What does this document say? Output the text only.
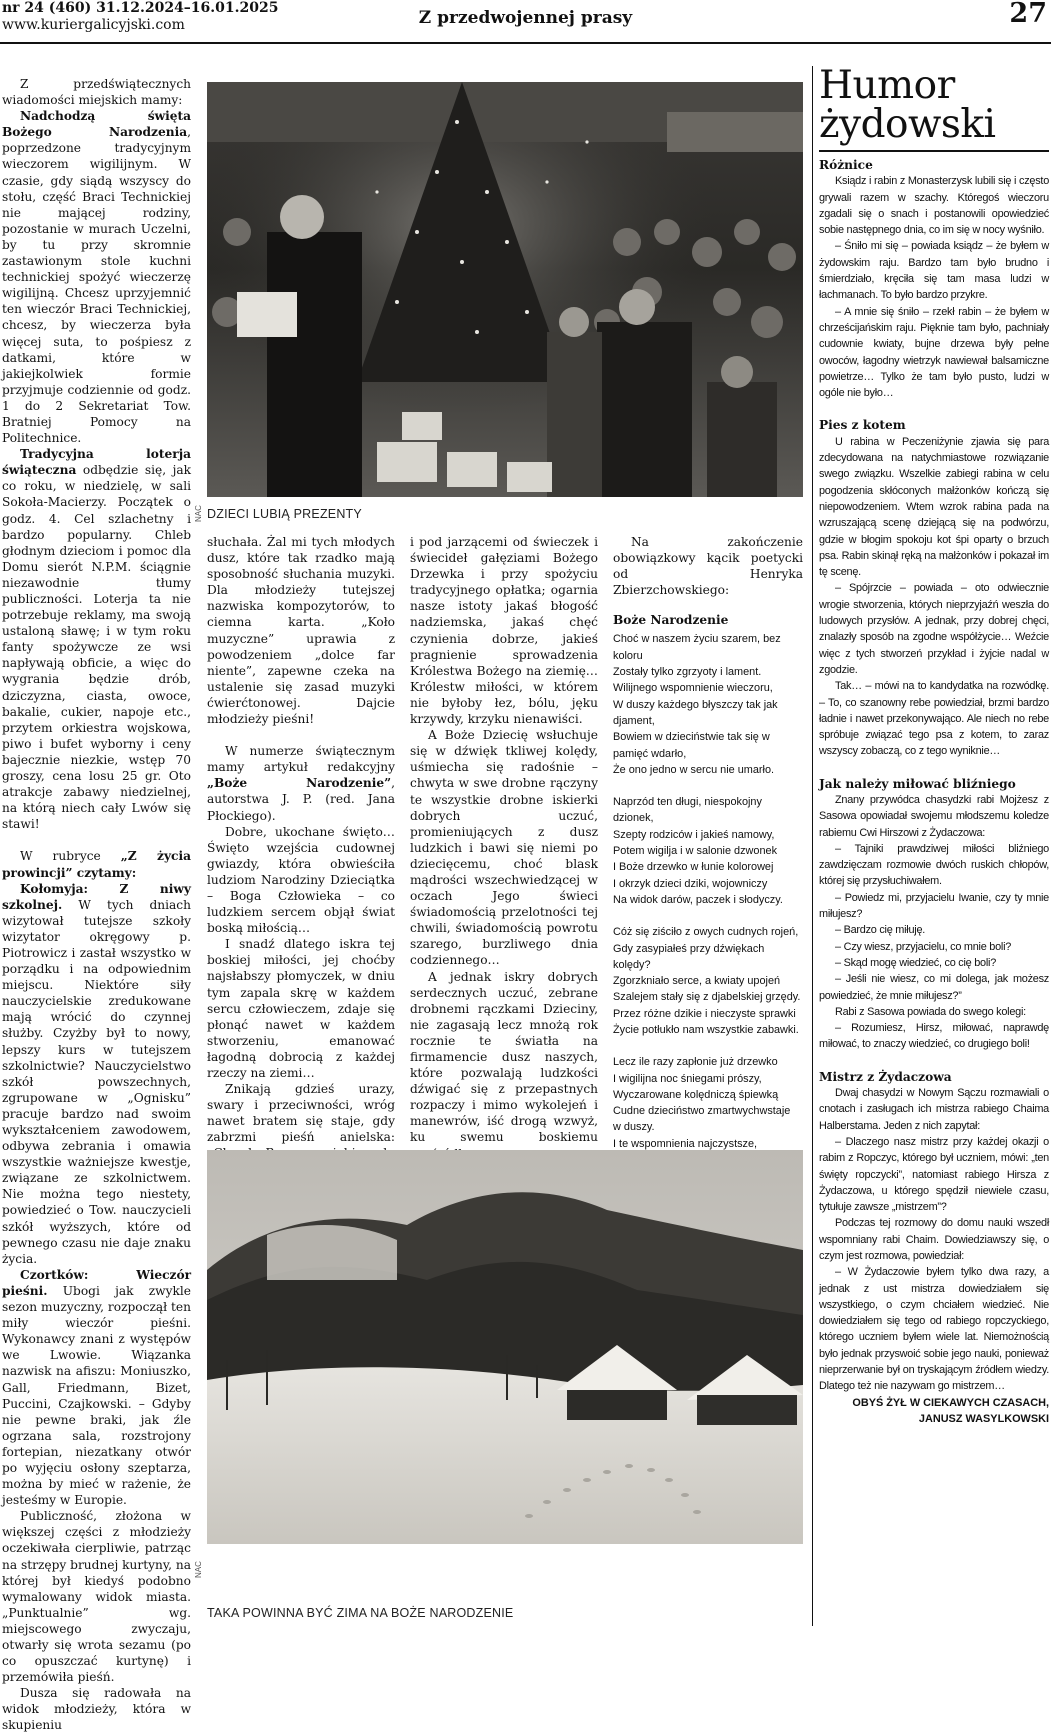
nr 24 (460) 31.12.2024–16.01.2025
www.kuriergalicyjski.com	Z przedwojennej prasy	27
Z przedświątecznych wiadomości miejskich mamy:
Nadchodzą święta Bożego Narodzenia, poprzedzone tradycyjnym wieczorem wigilijnym. W czasie, gdy siądą wszyscy do stołu, część Braci Technickiej nie mającej rodziny, pozostanie w murach Uczelni, by tu przy skromnie zastawionym stole kuchni technickiej spożyć wieczerzę wigilijną. Chcesz uprzyjemnić ten wieczór Braci Technickiej, chcesz, by wieczerza była więcej suta, to pośpiesz z datkami, które w jakiejkolwiek formie przyjmuje codziennie od godz. 1 do 2 Sekretariat Tow. Bratniej Pomocy na Politechnice.
Tradycyjna loterja świąteczna odbędzie się, jak co roku, w niedzielę, w sali Sokoła-Macierzy. Początek o godz. 4. Cel szlachetny i bardzo popularny. Chleb głodnym dzieciom i pomoc dla Domu sierót N.P.M. ściągnie niezawodnie tłumy publiczności. Loterja ta nie potrzebuje reklamy, ma swoją ustaloną sławę; i w tym roku fanty spożywcze ze wsi napływają obficie, a więc do wygrania będzie drób, dziczyzna, ciasta, owoce, bakalie, cukier, napoje etc., przytem orkiestra wojskowa, piwo i bufet wyborny i ceny bajecznie niezkie, wstęp 70 groszy, cena losu 25 gr. Oto atrakcje zabawy niedzielnej, na którą niech cały Lwów się stawi!
W rubryce „Z życia prowincji” czytamy:
Kołomyja: Z niwy szkolnej. W tych dniach wizytował tutejsze szkoły wizytator okręgowy p. Piotrowicz i zastał wszystko w porządku i na odpowiednim miejscu. Niektóre siły nauczycielskie zredukowane mają wrócić do czynnej służby. Czyżby był to nowy, lepszy kurs w tutejszem szkolnictwie? Nauczycielstwo szkół powszechnych, zgrupowane w „Ognisku” pracuje bardzo nad swoim wykształceniem zawodowem, odbywa zebrania i omawia wszystkie ważniejsze kwestje, związane ze szkolnictwem. Nie można tego niestety, powiedzieć o Tow. nauczycieli szkół wyższych, które od pewnego czasu nie daje znaku życia.
Czortków: Wieczór pieśni. Ubogi jak zwykle sezon muzyczny, rozpoczął ten miły wieczór pieśni. Wykonawcy znani z występów we Lwowie. Wiązanka nazwisk na afiszu: Moniuszko, Gall, Friedmann, Bizet, Puccini, Czajkowski. – Gdyby nie pewne braki, jak źle ogrzana sala, rozstrojony fortepian, niezatkany otwór po wyjęciu osłony szeptarza, można by mieć w rażenie, że jesteśmy w Europie.
Publiczność, złożona w większej części z młodzieży oczekiwała cierpliwie, patrząc na strzępy brudnej kurtyny, na której był kiedyś podobno wymalowany widok miasta. „Punktualnie” wg. miejscowego zwyczaju, otwarły się wrota sezamu (po co opuszczać kurtynę) i przemówiła pieśń.
Dusza się radowała na widok młodzieży, która w skupieniu
NAC DZIECI LUBIĄ PREZENTY
słuchała. Żal mi tych młodych dusz, które tak rzadko mają sposobność słuchania muzyki. Dla młodzieży tutejszej nazwiska kompozytorów, to ciemna karta. „Koło muzyczne” uprawia z powodzeniem „dolce far niente”, zapewne czeka na ustalenie się zasad muzyki ćwierćtonowej. Dajcie młodzieży pieśni!
W numerze świątecznym mamy artykuł redakcyjny „Boże Narodzenie”, autorstwa J. P. (red. Jana Płockiego).
Dobre, ukochane święto… Święto wzejścia cudownej gwiazdy, która obwieściła ludziom Narodziny Dzieciątka – Boga Człowieka – co ludzkiem sercem objął świat boską miłością…
I snadź dlatego iskra tej boskiej miłości, jej choćby najsłabszy płomyczek, w dniu tym zapala skrę w każdem sercu człowieczem, zdaje się płonąć nawet w każdem stworzeniu, emanować łagodną dobrocią z każdej rzeczy na ziemi…
Znikają gdzieś urazy, swary i przeciwności, wróg nawet bratem się staje, gdy zabrzmi pieśń anielska:
i pod jarzącemi od świeczek i świecideł gałęziami Bożego Drzewka i przy spożyciu tradycyjnego opłatka; ogarnia nasze istoty jakaś błogość nadziemska, jakaś chęć czynienia dobrze, jakieś pragnienie sprowadzenia Królestwa Bożego na ziemię… Królestw miłości, w którem nie byłoby łez, bólu, jęku krzywdy, krzyku nienawiści.
A Boże Dziecię wsłuchuje się w dźwięk tkliwej kolędy, uśmiecha się radośnie – chwyta w swe drobne rączyny te wszystkie drobne iskierki dobrych uczuć, promieniujących z dusz ludzkich i bawi się niemi po dziecięcemu, choć blask mądrości wszechwiedzącej w oczach Jego świeci świadomością przelotności tej chwili, świadomością powrotu szarego, burzliwego dnia codziennego…
A jednak iskry dobrych serdecznych uczuć, zebrane drobnemi rączkami Dzieciny, nie zagasają lecz mnożą rok rocznie te światła na firmamencie dusz naszych, które pozwalają ludzkości dźwigać się z przepastnych rozpaczy i mimo wykolejeń i manewrów, iść drogą wzwyż, ku swemu boskiemu
Na zakończenie obowiązkowy kącik poetycki od Henryka Zbierzchowskiego:
Boże Narodzenie
Choć w naszem życiu szarem, bez koloru
Zostały tylko zgrzyoty i lament.
Wilijnego wspomnienie wieczoru,
W duszy każdego błyszczy tak jak djament,
Bowiem w dzieciństwie tak się w pamięć wdarło,
Że ono jedno w sercu nie umarło.
Naprzód ten długi, niespokojny dzionek,
Szepty rodziców i jakieś namowy,
Potem wigilja i w salonie dzwonek
I Boże drzewko w łunie kolorowej
I okrzyk dzieci dziki, wojowniczy
Na widok darów, paczek i słodyczy.
Cóż się ziściło z owych cudnych rojeń,
Gdy zasypiałeś przy dźwiękach kolędy?
Zgorzkniało serce, a kwiaty upojeń
Szalejem stały się z djabelskiej grzędy.
Przez różne dzikie i nieczyste sprawki
Życie potłukło nam wszystkie zabawki.
Lecz ile razy zapłonie już drzewko
I wigilijna noc śniegami prószy,
Wyczarowane kolędniczą śpiewką
Cudne dzieciństwo zmartwychwstaje
w duszy.
I te wspomnienia najczystsze,
NAC
TAKA POWINNA BYĆ ZIMA NA BOŻE NARODZENIE
Humor
żydowski
Różnice
Ksiądz i rabin z Monasterzysk lubili się i często grywali razem w szachy. Któregoś wieczoru zgadali się o snach i postanowili opowiedzieć sobie następnego dnia, co im się w nocy wyśniło.
– Śniło mi się – powiada ksiądz – że byłem w żydowskim raju. Bardzo tam było brudno i śmierdziało, kręciła się tam masa ludzi w łachmanach. To było bardzo przykre.
– A mnie się śniło – rzekł rabin – że byłem w chrześcijańskim raju. Pięknie tam było, pachniały cudownie kwiaty, bujne drzewa były pełne owoców, łagodny wietrzyk nawiewał balsamiczne powietrze… Tylko że tam było pusto, ludzi w ogóle nie było…
Pies z kotem
U rabina w Peczeniżynie zjawia się para zdecydowana na natychmiastowe rozwiązanie swego związku. Wszelkie zabiegi rabina w celu pogodzenia skłóconych małżonków kończą się niepowodzeniem. Wtem wzrok rabina pada na wzruszającą scenę dziejącą się na podwórzu, gdzie w błogim spokoju kot śpi oparty o brzuch psa. Rabin skinął ręką na małżonków i pokazał im tę scenę.
– Spójrzcie – powiada – oto odwiecznie wrogie stworzenia, których nieprzyjaźń weszła do ludowych przysłów. A jednak, przy dobrej chęci, znalazły sposób na zgodne współżycie… Weźcie więc z tych stworzeń przykład i żyjcie nadal w zgodzie.
Tak… – mówi na to kandydatka na rozwódkę. – To, co szanowny rebe powiedział, brzmi bardzo ładnie i nawet przekonywająco. Ale niech no rebe spróbuje związać tego psa z kotem, to zaraz wszyscy zobaczą, co z tego wyniknie…
Jak należy miłować bliźniego
Znany przywódca chasydzki rabi Mojżesz z Sasowa opowiadał swojemu młodszemu koledze rabiemu Cwi Hirszowi z Żydaczowa:
– Tajniki prawdziwej miłości bliźniego zawdzięczam rozmowie dwóch ruskich chłopów, której się przysłuchiwałem.
– Powiedz mi, przyjacielu Iwanie, czy ty mnie miłujesz?
– Bardzo cię miłuję.
– Czy wiesz, przyjacielu, co mnie boli?
– Skąd mogę wiedzieć, co cię boli?
– Jeśli nie wiesz, co mi dolega, jak możesz powiedzieć, że mnie miłujesz?”
Rabi z Sasowa powiada do swego kolegi:
– Rozumiesz, Hirsz, miłować, naprawdę miłować, to znaczy wiedzieć, co drugiego boli!
Mistrz z Żydaczowa
Dwaj chasydzi w Nowym Sączu rozmawiali o cnotach i zasługach ich mistrza rabiego Chaima Halberstama. Jeden z nich zapytał:
– Dlaczego nasz mistrz przy każdej okazji o rabim z Ropczyc, którego był uczniem, mówi: „ten święty ropczycki”, natomiast rabiego Hirsza z Żydaczowa, u którego spędził niewiele czasu, tytułuje zawsze „mistrzem”?
Podczas tej rozmowy do domu nauki wszedł wspomniany rabi Chaim. Dowiedziawszy się, o czym jest rozmowa, powiedział:
– W Żydaczowie byłem tylko dwa razy, a jednak z ust mistrza dowiedziałem się wszystkiego, o czym chciałem wiedzieć. Nie dowiedziałem się tego od rabiego ropczyckiego, którego uczniem byłem wiele lat. Niemożnością było jednak przyswoić sobie jego nauki, ponieważ nieprzerwanie był on tryskającym źródłem wiedzy. Dlatego też nie nazywam go mistrzem…
OBYŚ ŻYŁ W CIEKAWYCH CZASACH,
JANUSZ WASYLKOWSKI
